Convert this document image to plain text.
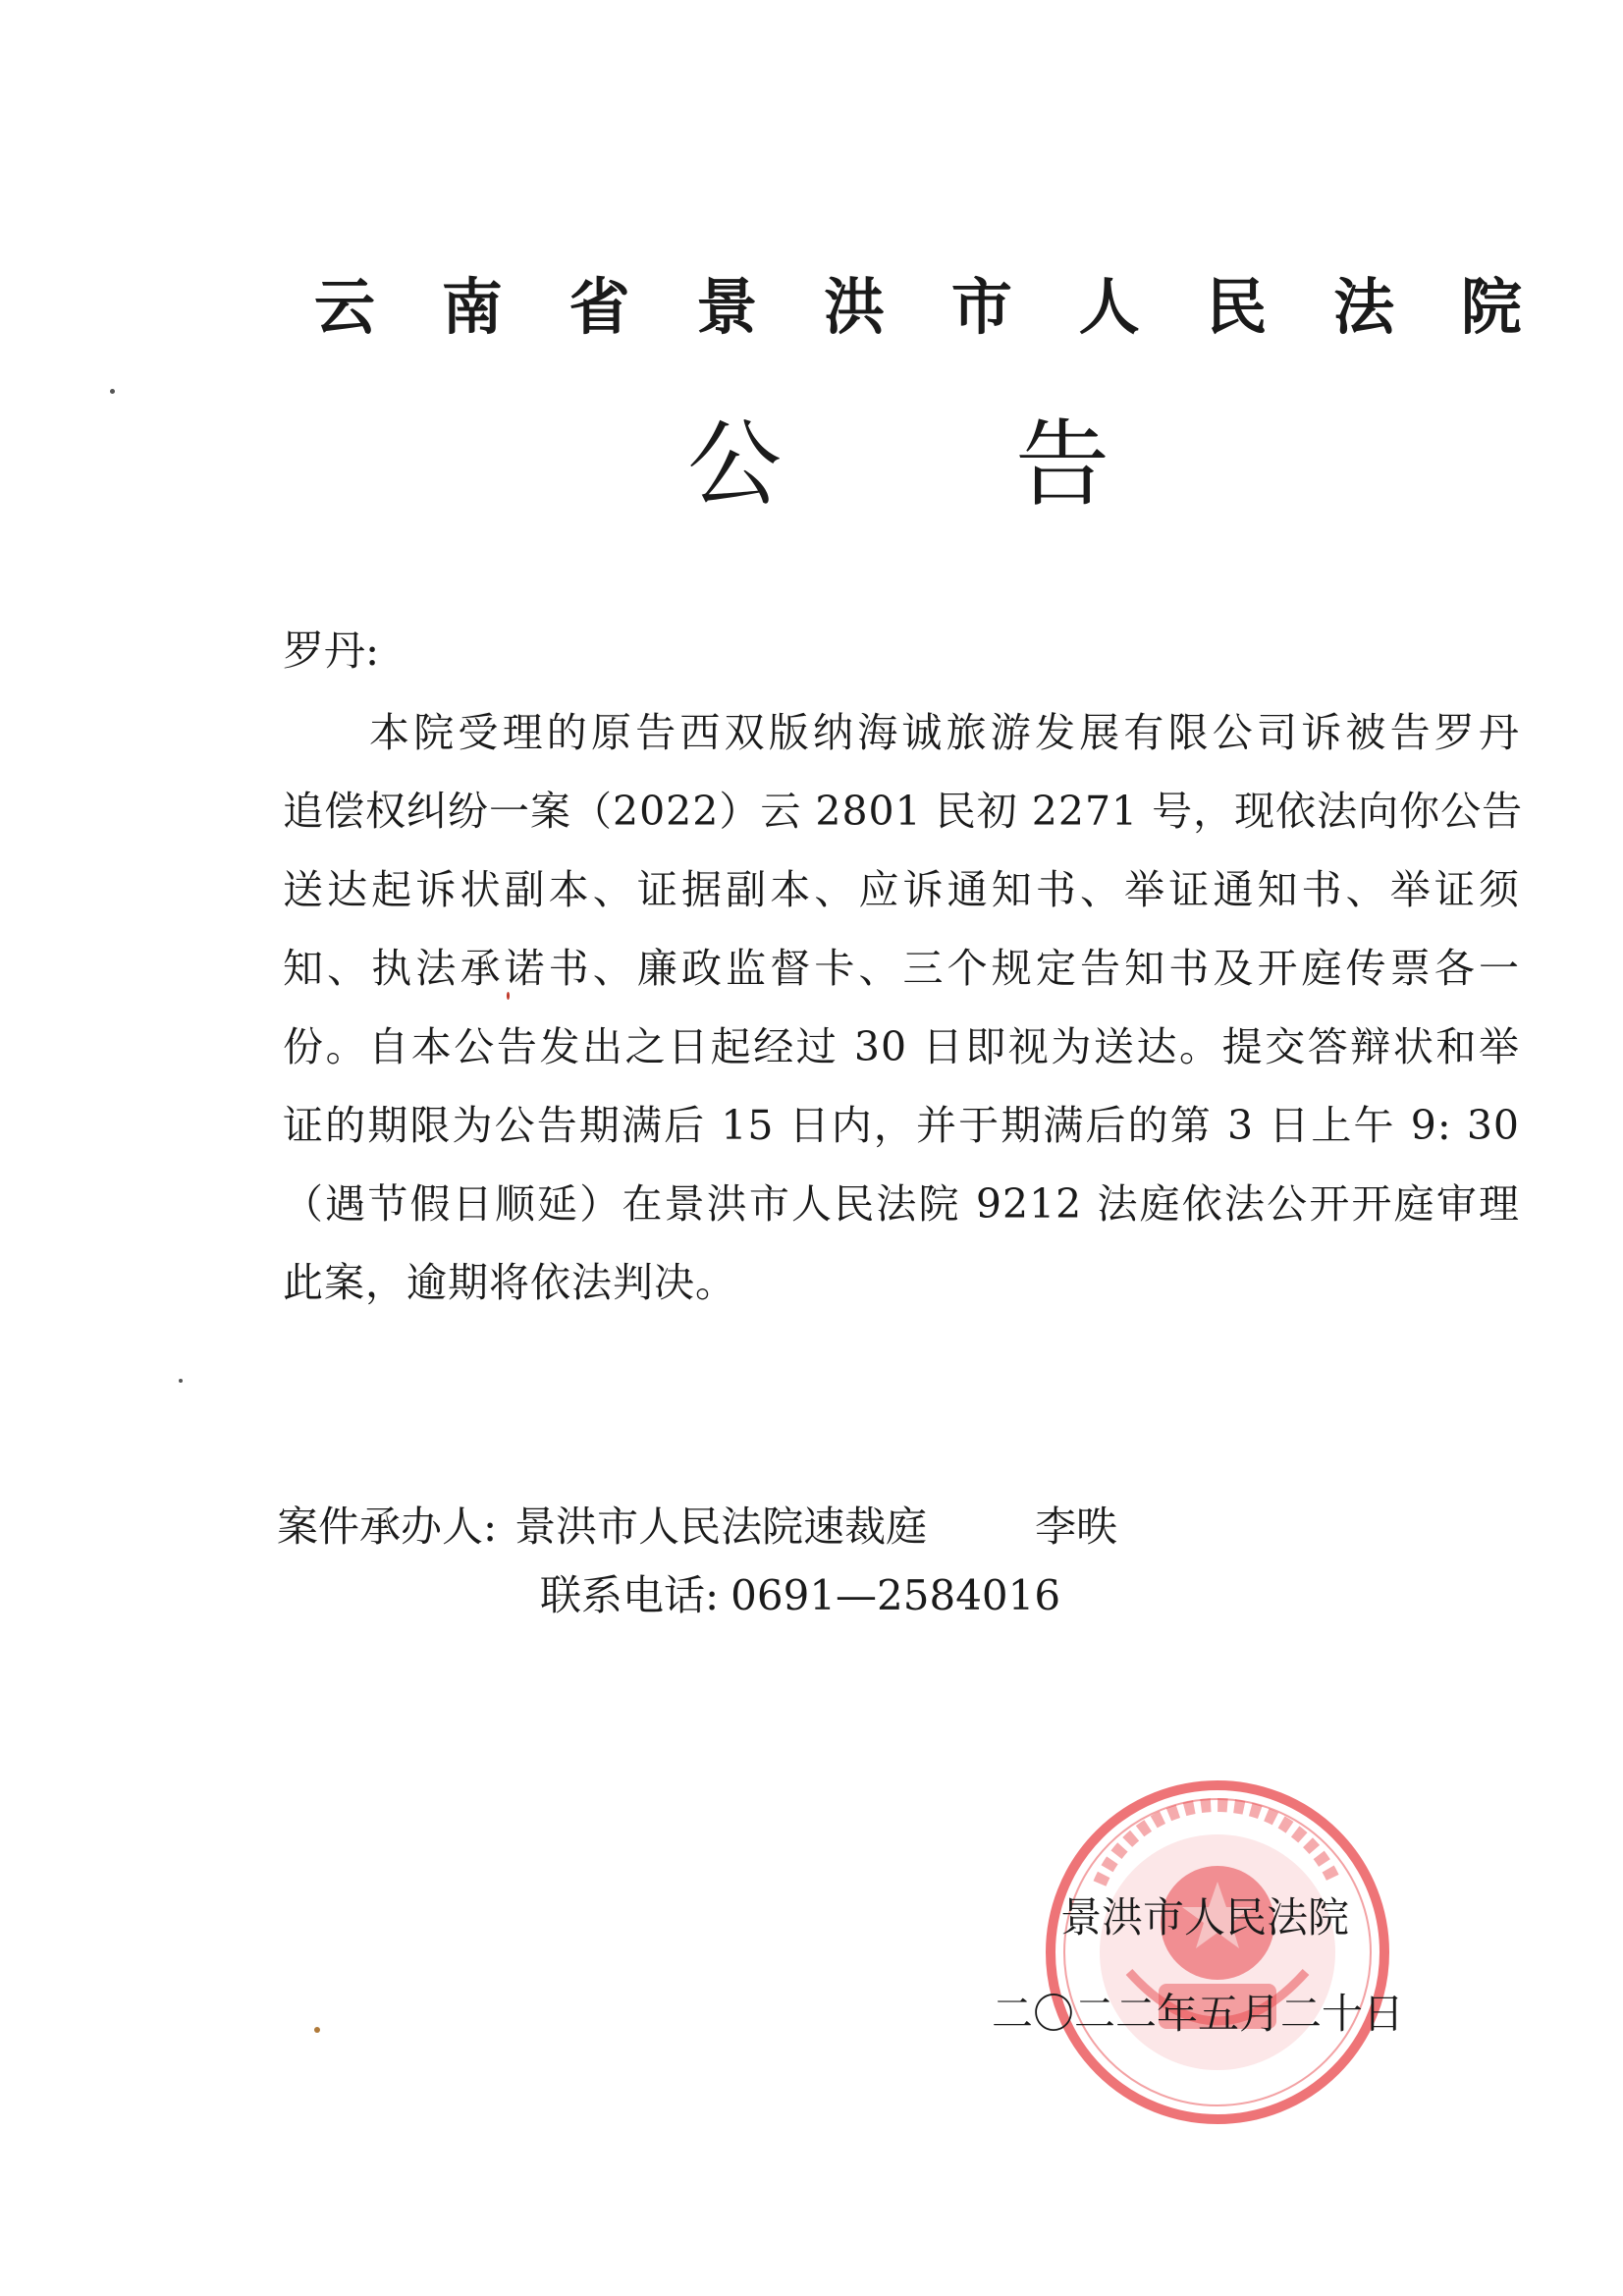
云 南 省 景 洪 市 人 民 法 院
公 告
罗丹:
本院受理的原告西双版纳海诚旅游发展有限公司诉被告罗丹
追偿权纠纷一案（2022）云 2801 民初 2271 号，现依法向你公告
送达起诉状副本、证据副本、应诉通知书、举证通知书、举证须
知、执法承诺书、廉政监督卡、三个规定告知书及开庭传票各一
份。自本公告发出之日起经过 30 日即视为送达。提交答辩状和举
证的期限为公告期满后 15 日内，并于期满后的第 3 日上午 9: 30
（遇节假日顺延）在景洪市人民法院 9212 法庭依法公开开庭审理
此案，逾期将依法判决。
案件承办人: 景洪市人民法院速裁庭	李昳
联系电话: 0691—2584016
景洪市人民法院
二〇二二年五月二十日
